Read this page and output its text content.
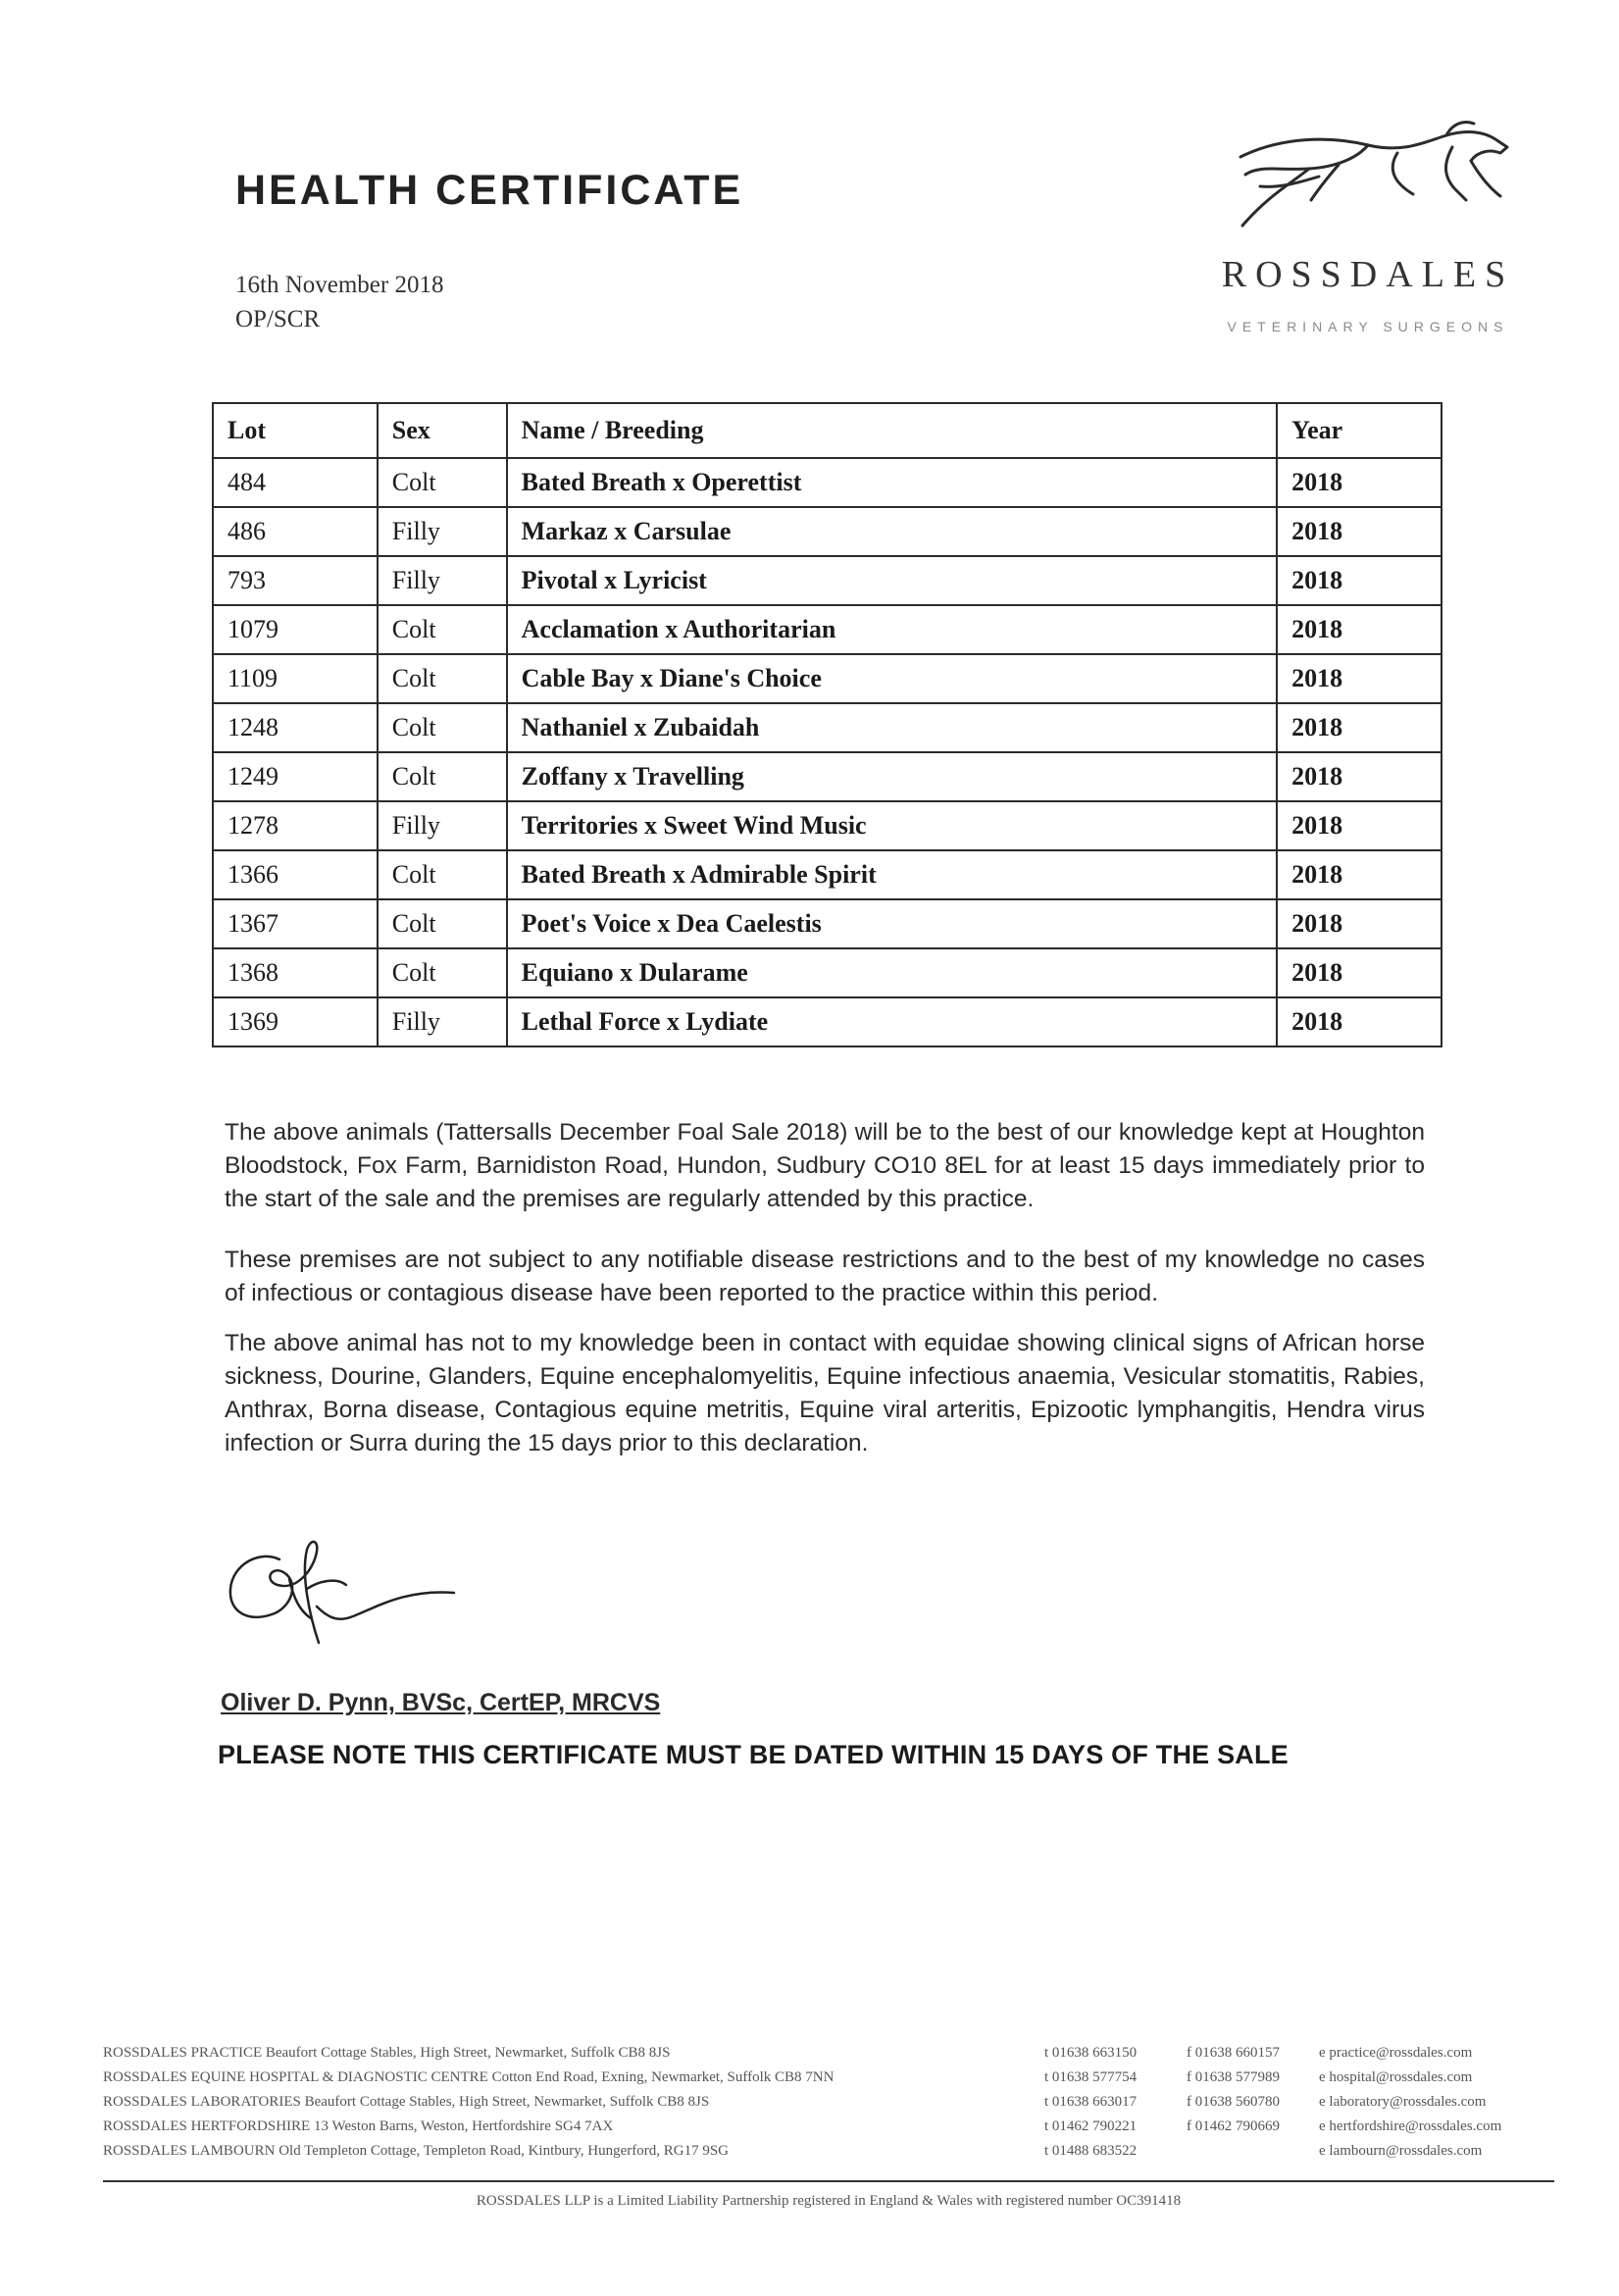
HEALTH CERTIFICATE
16th November 2018
OP/SCR
ROSSDALES
VETERINARY SURGEONS
Lot	Sex	Name / Breeding	Year
484	Colt	Bated Breath x Operettist	2018
486	Filly	Markaz x Carsulae	2018
793	Filly	Pivotal x Lyricist	2018
1079	Colt	Acclamation x Authoritarian	2018
1109	Colt	Cable Bay x Diane's Choice	2018
1248	Colt	Nathaniel x Zubaidah	2018
1249	Colt	Zoffany x Travelling	2018
1278	Filly	Territories x Sweet Wind Music	2018
1366	Colt	Bated Breath x Admirable Spirit	2018
1367	Colt	Poet's Voice x Dea Caelestis	2018
1368	Colt	Equiano x Dularame	2018
1369	Filly	Lethal Force x Lydiate	2018
The above animals (Tattersalls December Foal Sale 2018) will be to the best of our knowledge kept at Houghton Bloodstock, Fox Farm, Barnidiston Road, Hundon, Sudbury CO10 8EL for at least 15 days immediately prior to the start of the sale and the premises are regularly attended by this practice.
These premises are not subject to any notifiable disease restrictions and to the best of my knowledge no cases of infectious or contagious disease have been reported to the practice within this period.
The above animal has not to my knowledge been in contact with equidae showing clinical signs of African horse sickness, Dourine, Glanders, Equine encephalomyelitis, Equine infectious anaemia, Vesicular stomatitis, Rabies, Anthrax, Borna disease, Contagious equine metritis, Equine viral arteritis, Epizootic lymphangitis, Hendra virus infection or Surra during the 15 days prior to this declaration.
Oliver D. Pynn, BVSc, CertEP, MRCVS
PLEASE NOTE THIS CERTIFICATE MUST BE DATED WITHIN 15 DAYS OF THE SALE
ROSSDALES PRACTICE Beaufort Cottage Stables, High Street, Newmarket, Suffolk CB8 8JS	t 01638 663150	f 01638 660157	e practice@rossdales.com
ROSSDALES EQUINE HOSPITAL & DIAGNOSTIC CENTRE Cotton End Road, Exning, Newmarket, Suffolk CB8 7NN	t 01638 577754	f 01638 577989	e hospital@rossdales.com
ROSSDALES LABORATORIES Beaufort Cottage Stables, High Street, Newmarket, Suffolk CB8 8JS	t 01638 663017	f 01638 560780	e laboratory@rossdales.com
ROSSDALES HERTFORDSHIRE 13 Weston Barns, Weston, Hertfordshire SG4 7AX	t 01462 790221	f 01462 790669	e hertfordshire@rossdales.com
ROSSDALES LAMBOURN Old Templeton Cottage, Templeton Road, Kintbury, Hungerford, RG17 9SG	t 01488 683522	e lambourn@rossdales.com
ROSSDALES LLP is a Limited Liability Partnership registered in England & Wales with registered number OC391418
